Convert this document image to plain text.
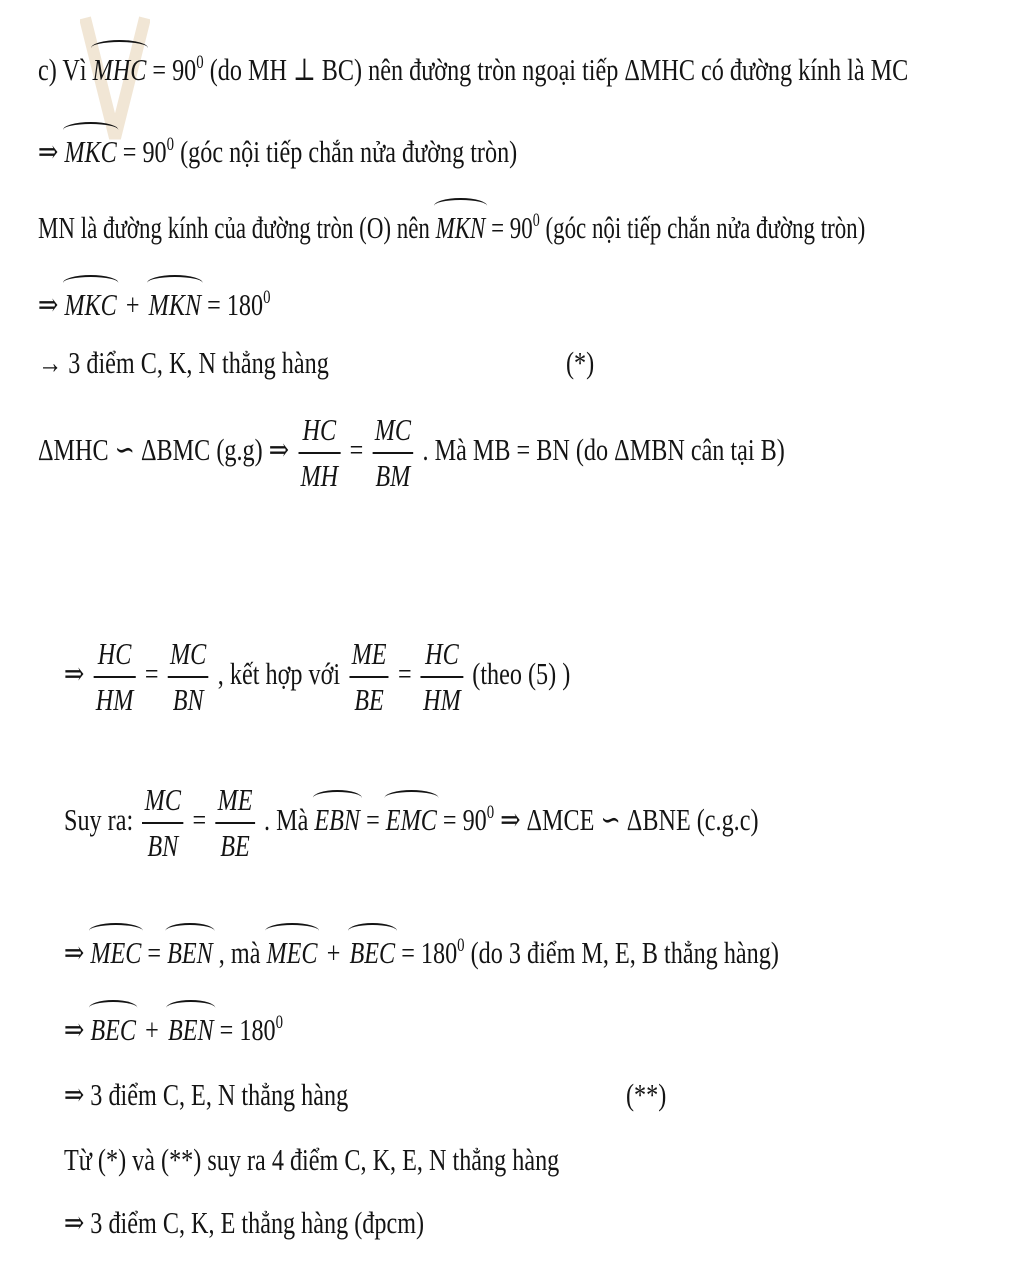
c) Vì MHC = $90^0$ (do MH ⊥ BC) nên đường tròn ngoại tiếp ΔMHC có đường kính là MC
⇒ MKC = $90^0$ (góc nội tiếp chắn nửa đường tròn)
MN là đường kính của đường tròn (O) nên MKN = $90^0$ (góc nội tiếp chắn nửa đường tròn)
⇒ MKC + MKN = $180^0$
→ 3 điểm C, K, N thẳng hàng	(*)
ΔMHC ∽ ΔBMC (g.g) ⇒ $\frac{HC}{MH} = \frac{MC}{BM}$ . Mà MB = BN (do ΔMBN cân tại B)
⇒ $\frac{HC}{HM} = \frac{MC}{BN}$ , kết hợp với $\frac{ME}{BE} = \frac{HC}{HM}$ (theo (5) )
Suy ra: $\frac{MC}{BN} = \frac{ME}{BE}$ . Mà EBN = EMC = $90^0$ ⇒ ΔMCE ∽ ΔBNE (c.g.c)
⇒ MEC = BEN , mà MEC + BEC = $180^0$ (do 3 điểm M, E, B thẳng hàng)
⇒ BEC + BEN = $180^0$
⇒ 3 điểm C, E, N thẳng hàng	(**)
Từ (*) và (**) suy ra 4 điểm C, K, E, N thẳng hàng
⇒ 3 điểm C, K, E thẳng hàng (đpcm)
